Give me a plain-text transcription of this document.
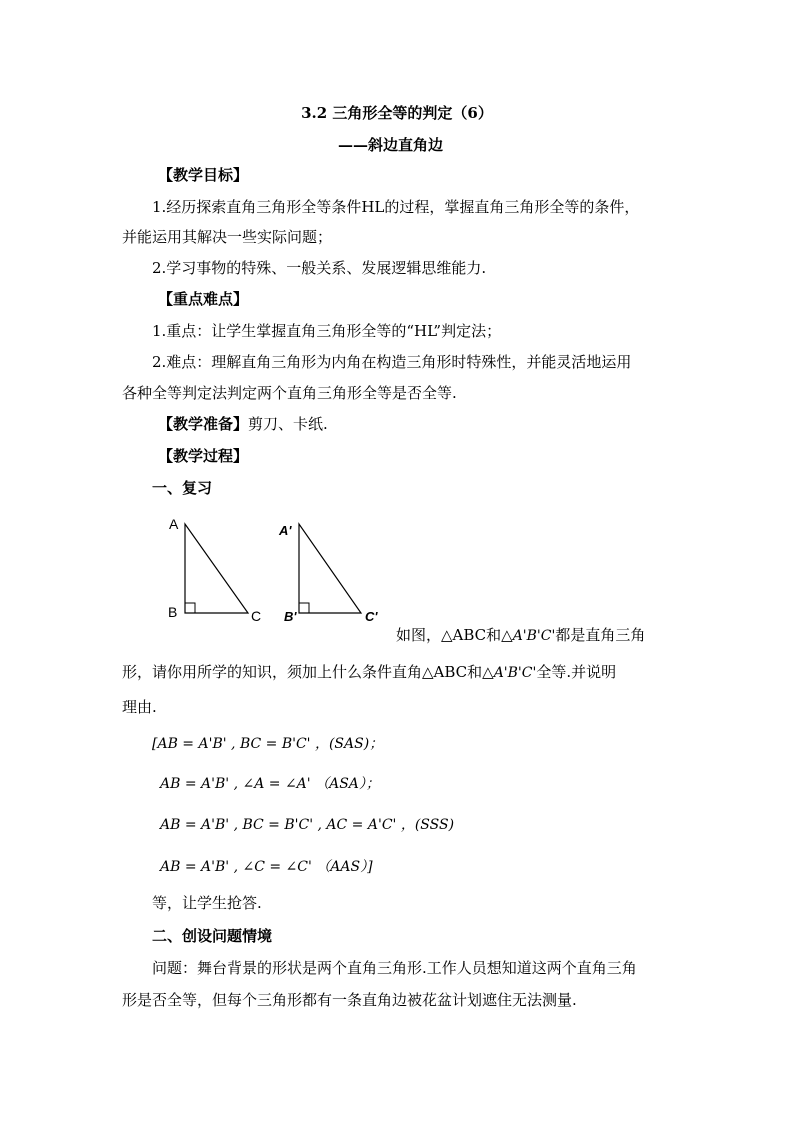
3.2 三角形全等的判定（6）
——斜边直角边
【教学目标】
1.经历探索直角三角形全等条件HL的过程，掌握直角三角形全等的条件，
并能运用其解决一些实际问题；
2.学习事物的特殊、一般关系、发展逻辑思维能力.
【重点难点】
1.重点：让学生掌握直角三角形全等的“HL”判定法；
2.难点：理解直角三角形为内角在构造三角形时特殊性，并能灵活地运用
各种全等判定法判定两个直角三角形全等是否全等.
【教学准备】剪刀、卡纸.
【教学过程】
一、复习
A
B	C
A'
B'	C'
如图，△ABC和△A'B'C'都是直角三角
形，请你用所学的知识，须加上什么条件直角△ABC和△A'B'C'全等.并说明
理由.
[AB = A'B' , BC = B'C' ，(SAS)；
AB = A'B' , ∠A = ∠A' （ASA）；
AB = A'B' , BC = B'C' , AC = A'C' ，(SSS)
AB = A'B' , ∠C = ∠C' （AAS）]
等，让学生抢答.
二、创设问题情境
问题：舞台背景的形状是两个直角三角形.工作人员想知道这两个直角三角
形是否全等，但每个三角形都有一条直角边被花盆计划遮住无法测量.
